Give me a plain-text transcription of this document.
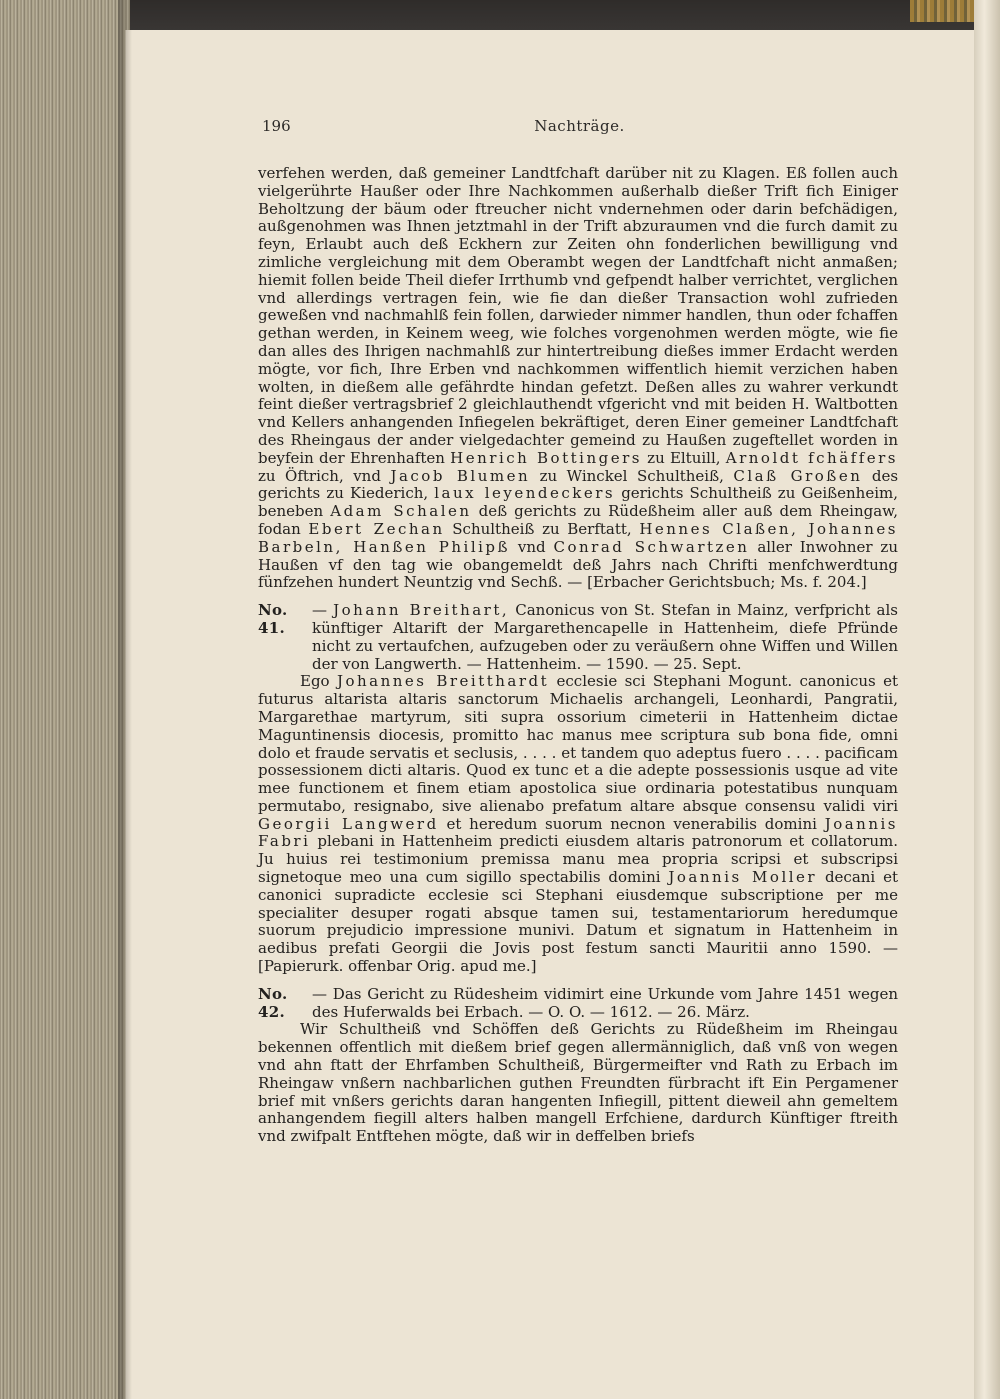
196	Nachträge.

verfehen werden, daß gemeiner Landtfchaft darüber nit zu Klagen. Eß follen auch vielgerührte Haußer oder Ihre Nachkommen außerhalb dießer Trift fich Einiger Beholtzung der bäum oder ftreucher nicht vndernehmen oder darin befchädigen, außgenohmen was Ihnen jetztmahl in der Trift abzuraumen vnd die furch damit zu feyn, Erlaubt auch deß Eckhern zur Zeiten ohn fonderlichen bewilligung vnd zimliche vergleichung mit dem Oberambt wegen der Landtfchaft nicht anmaßen; hiemit follen beide Theil diefer Irrthumb vnd gefpendt halber verrichtet, verglichen vnd allerdings vertragen fein, wie fie dan dießer Transaction wohl zufrieden geweßen vnd nachmahlß fein follen, darwieder nimmer handlen, thun oder fchaffen gethan werden, in Keinem weeg, wie folches vorgenohmen werden mögte, wie fie dan alles des Ihrigen nachmahlß zur hintertreibung dießes immer Erdacht werden mögte, vor fich, Ihre Erben vnd nachkommen wiffentlich hiemit verzichen haben wolten, in dießem alle gefährdte hindan gefetzt. Deßen alles zu wahrer verkundt feint dießer vertragsbrief 2 gleichlauthendt vfgericht vnd mit beiden H. Waltbotten vnd Kellers anhangenden Infiegelen bekräftiget, deren Einer gemeiner Landtfchaft des Rheingaus der ander vielgedachter gemeind zu Haußen zugeftellet worden in beyfein der Ehrenhaften Henrich Bottingers zu Eltuill, Arnoldt fchäffers zu Öftrich, vnd Jacob Blumen zu Winckel Schultheiß, Claß Großen des gerichts zu Kiederich, laux leyendeckers gerichts Schultheiß zu Geißenheim, beneben Adam Schalen deß gerichts zu Rüdeßheim aller auß dem Rheingaw, fodan Ebert Zechan Schultheiß zu Berftatt, Hennes Claßen, Johannes Barbeln, Hanßen Philipß vnd Conrad Schwartzen aller Inwohner zu Haußen vf den tag wie obangemeldt deß Jahrs nach Chrifti menfchwerdtung fünfzehen hundert Neuntzig vnd Sechß. — [Erbacher Gerichtsbuch; Ms. f. 204.]

No. 41.
— Johann Breithart, Canonicus von St. Stefan in Mainz, verfpricht als künftiger Altarift der Margarethencapelle in Hattenheim, diefe Pfründe nicht zu vertaufchen, aufzugeben oder zu veräußern ohne Wiffen und Willen der von Langwerth. — Hattenheim. — 1590. — 25. Sept.

Ego Johannes Breitthardt ecclesie sci Stephani Mogunt. canonicus et futurus altarista altaris sanctorum Michaelis archangeli, Leonhardi, Pangratii, Margarethae martyrum, siti supra ossorium cimeterii in Hattenheim dictae Maguntinensis diocesis, promitto hac manus mee scriptura sub bona fide, omni dolo et fraude servatis et seclusis, . . . . et tandem quo adeptus fuero . . . . pacificam possessionem dicti altaris. Quod ex tunc et a die adepte possessionis usque ad vite mee functionem et finem etiam apostolica siue ordinaria potestatibus nunquam permutabo, resignabo, sive alienabo prefatum altare absque consensu validi viri Georgii Langwerd et heredum suorum necnon venerabilis domini Joannis Fabri plebani in Hattenheim predicti eiusdem altaris patronorum et collatorum. Ju huius rei testimonium premissa manu mea propria scripsi et subscripsi signetoque meo una cum sigillo spectabilis domini Joannis Moller decani et canonici supradicte ecclesie sci Stephani eiusdemque subscriptione per me specialiter desuper rogati absque tamen sui, testamentariorum heredumque suorum prejudicio impressione munivi. Datum et signatum in Hattenheim in aedibus prefati Georgii die Jovis post festum sancti Mauritii anno 1590. — [Papierurk. offenbar Orig. apud me.]

No. 42.
— Das Gericht zu Rüdesheim vidimirt eine Urkunde vom Jahre 1451 wegen des Huferwalds bei Erbach. — O. O. — 1612. — 26. März.

Wir Schultheiß vnd Schöffen deß Gerichts zu Rüdeßheim im Rheingau bekennen offentlich mit dießem brief gegen allermänniglich, daß vnß von wegen vnd ahn ftatt der Ehrfamben Schultheiß, Bürgermeifter vnd Rath zu Erbach im Rheingaw vnßern nachbarlichen guthen Freundten fürbracht ift Ein Pergamener brief mit vnßers gerichts daran hangenten Infiegill, pittent dieweil ahn gemeltem anhangendem fiegill alters halben mangell Erfchiene, dardurch Künftiger ftreith vnd zwifpalt Entftehen mögte, daß wir in deffelben briefs
